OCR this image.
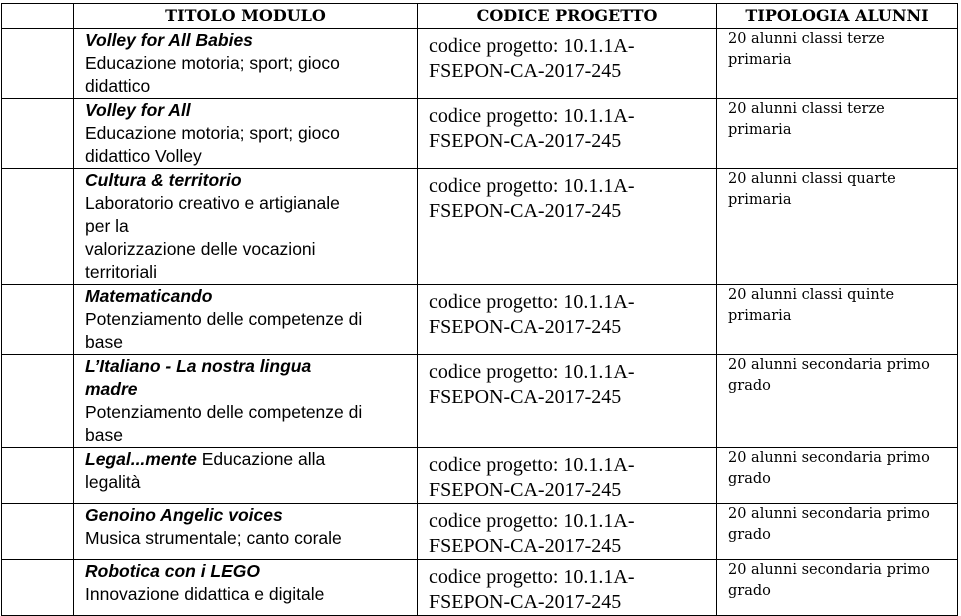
	TITOLO MODULO	CODICE PROGETTO	TIPOLOGIA ALUNNI

	Volley for All Babies
Educazione motoria; sport; gioco
didattico	codice progetto: 10.1.1A-
FSEPON-CA-2017-245	20 alunni classi terze
primaria

	Volley for All
Educazione motoria; sport; gioco
didattico Volley	codice progetto: 10.1.1A-
FSEPON-CA-2017-245	20 alunni classi terze
primaria

	Cultura & territorio
Laboratorio creativo e artigianale
per la
valorizzazione delle vocazioni
territoriali	codice progetto: 10.1.1A-
FSEPON-CA-2017-245	20 alunni classi quarte
primaria

	Matematicando
Potenziamento delle competenze di
base	codice progetto: 10.1.1A-
FSEPON-CA-2017-245	20 alunni classi quinte
primaria

	L’Italiano - La nostra lingua
madre
Potenziamento delle competenze di
base	codice progetto: 10.1.1A-
FSEPON-CA-2017-245	20 alunni secondaria primo
grado

	Legal...mente Educazione alla
legalità	codice progetto: 10.1.1A-
FSEPON-CA-2017-245	20 alunni secondaria primo
grado

	Genoino Angelic voices
Musica strumentale; canto corale	codice progetto: 10.1.1A-
FSEPON-CA-2017-245	20 alunni secondaria primo
grado

	Robotica con i LEGO
Innovazione didattica e digitale	codice progetto: 10.1.1A-
FSEPON-CA-2017-245	20 alunni secondaria primo
grado
